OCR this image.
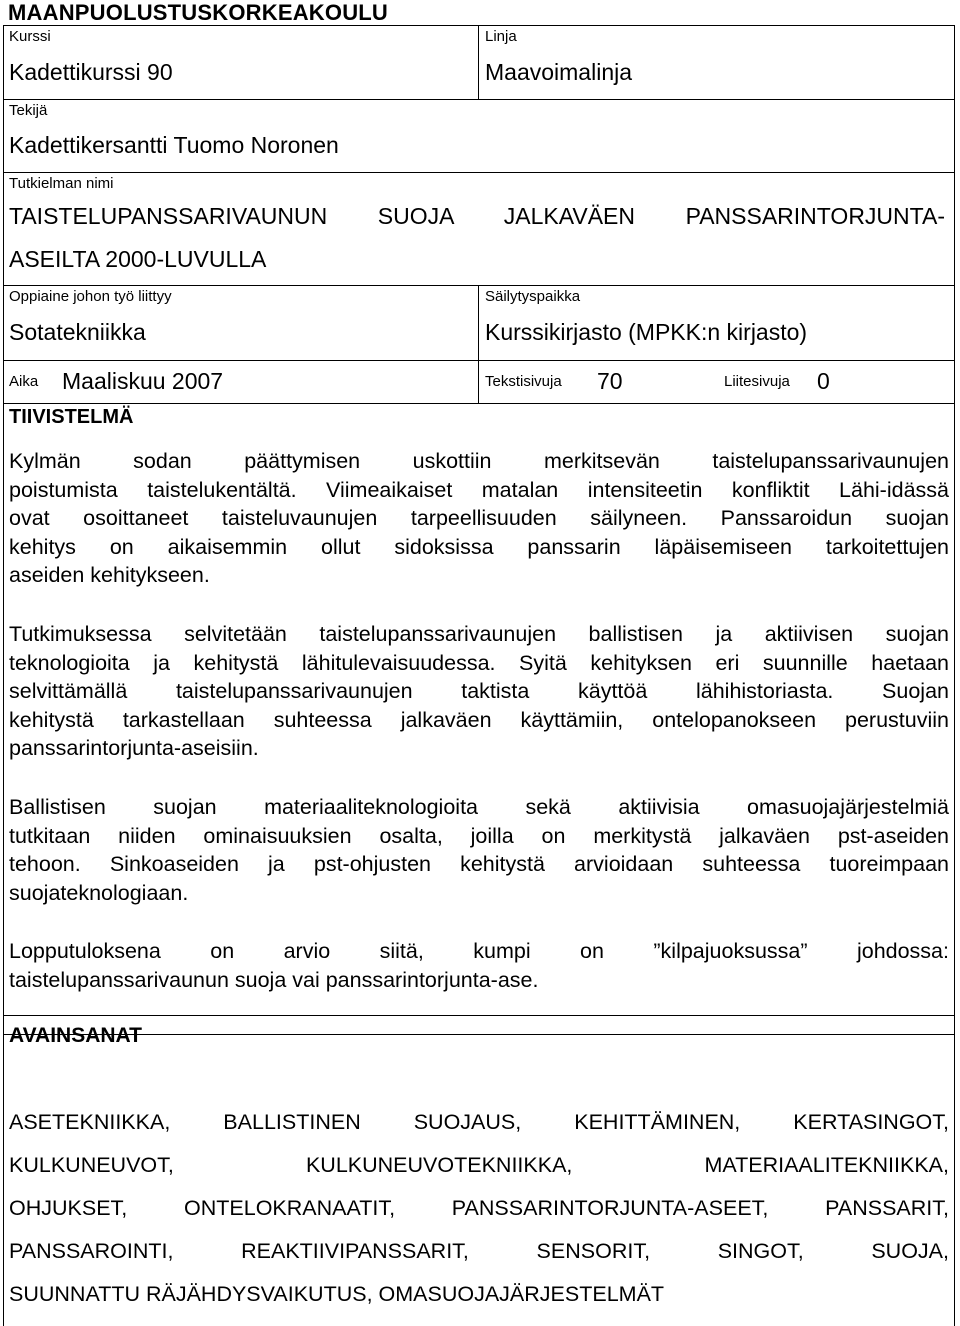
MAANPUOLUSTUSKORKEAKOULU
Kurssi
Kadettikurssi 90
Linja
Maavoimalinja
Tekijä
Kadettikersantti Tuomo Noronen
Tutkielman nimi
TAISTELUPANSSARIVAUNUN SUOJA JALKAVÄEN PANSSARINTORJUNTA-
ASEILTA 2000-LUVULLA
Oppiaine johon työ liittyy
Sotatekniikka
Säilytyspaikka
Kurssikirjasto (MPKK:n kirjasto)
Aika Maaliskuu 2007	Tekstisivuja 70	Liitesivuja 0
TIIVISTELMÄ
Kylmän sodan päättymisen uskottiin merkitsevän taistelupanssarivaunujen
poistumista taistelukentältä. Viimeaikaiset matalan intensiteetin konfliktit Lähi-idässä
ovat osoittaneet taisteluvaunujen tarpeellisuuden säilyneen. Panssaroidun suojan
kehitys on aikaisemmin ollut sidoksissa panssarin läpäisemiseen tarkoitettujen
aseiden kehitykseen.
Tutkimuksessa selvitetään taistelupanssarivaunujen ballistisen ja aktiivisen suojan
teknologioita ja kehitystä lähitulevaisuudessa. Syitä kehityksen eri suunnille haetaan
selvittämällä taistelupanssarivaunujen taktista käyttöä lähihistoriasta. Suojan
kehitystä tarkastellaan suhteessa jalkaväen käyttämiin, ontelopanokseen perustuviin
panssarintorjunta-aseisiin.
Ballistisen suojan materiaaliteknologioita sekä aktiivisia omasuojajärjestelmiä
tutkitaan niiden ominaisuuksien osalta, joilla on merkitystä jalkaväen pst-aseiden
tehoon. Sinkoaseiden ja pst-ohjusten kehitystä arvioidaan suhteessa tuoreimpaan
suojateknologiaan.
Lopputuloksena on arvio siitä, kumpi on ”kilpajuoksussa” johdossa:
taistelupanssarivaunun suoja vai panssarintorjunta-ase.
AVAINSANAT
ASETEKNIIKKA, BALLISTINEN SUOJAUS, KEHITTÄMINEN, KERTASINGOT,
KULKUNEUVOT, KULKUNEUVOTEKNIIKKA, MATERIAALITEKNIIKKA,
OHJUKSET, ONTELOKRANAATIT, PANSSARINTORJUNTA-ASEET, PANSSARIT,
PANSSAROINTI, REAKTIIVIPANSSARIT, SENSORIT, SINGOT, SUOJA,
SUUNNATTU RÄJÄHDYSVAIKUTUS, OMASUOJAJÄRJESTELMÄT
